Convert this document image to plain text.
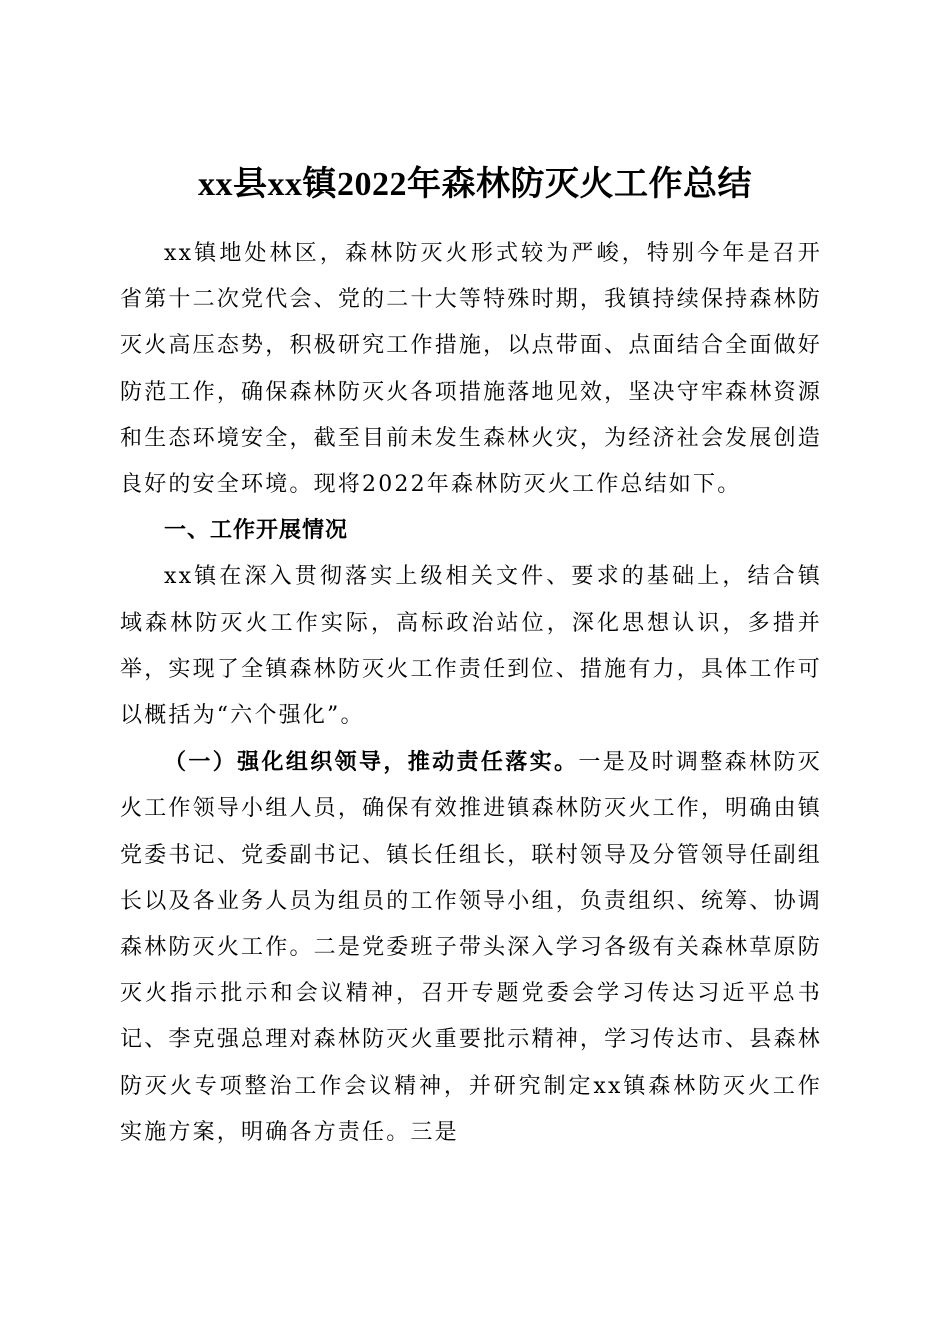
xx县xx镇2022年森林防灭火工作总结

xx镇地处林区，森林防灭火形式较为严峻，特别今年是召开省第十二次党代会、党的二十大等特殊时期，我镇持续保持森林防灭火高压态势，积极研究工作措施，以点带面、点面结合全面做好防范工作，确保森林防灭火各项措施落地见效，坚决守牢森林资源和生态环境安全，截至目前未发生森林火灾，为经济社会发展创造良好的安全环境。现将2022年森林防灭火工作总结如下。

一、工作开展情况

xx镇在深入贯彻落实上级相关文件、要求的基础上，结合镇域森林防灭火工作实际，高标政治站位，深化思想认识，多措并举，实现了全镇森林防灭火工作责任到位、措施有力，具体工作可以概括为“六个强化”。

（一）强化组织领导，推动责任落实。一是及时调整森林防灭火工作领导小组人员，确保有效推进镇森林防灭火工作，明确由镇党委书记、党委副书记、镇长任组长，联村领导及分管领导任副组长以及各业务人员为组员的工作领导小组，负责组织、统筹、协调森林防灭火工作。二是党委班子带头深入学习各级有关森林草原防灭火指示批示和会议精神，召开专题党委会学习传达习近平总书记、李克强总理对森林防灭火重要批示精神，学习传达市、县森林防灭火专项整治工作会议精神，并研究制定xx镇森林防灭火工作实施方案，明确各方责任。三是
